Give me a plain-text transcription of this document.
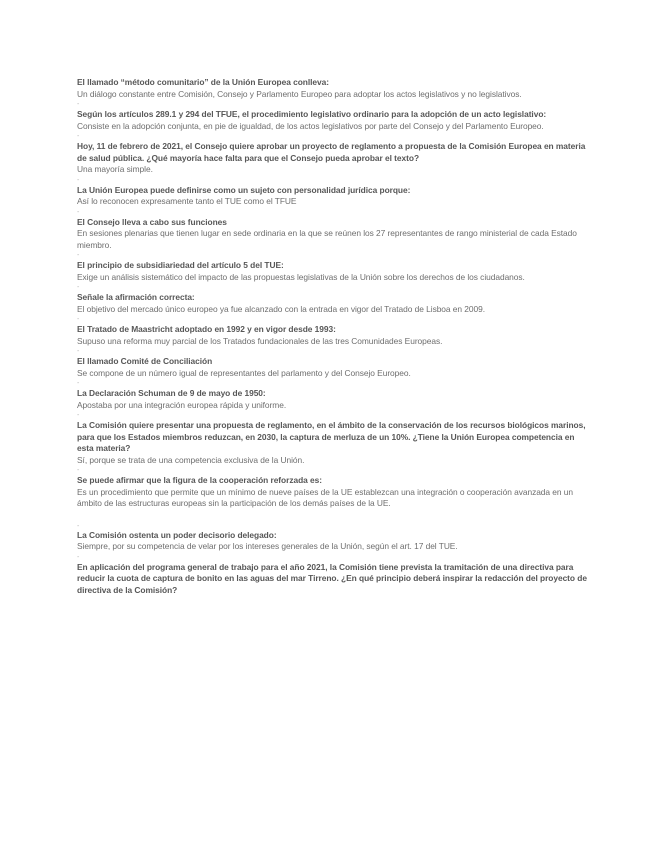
El llamado “método comunitario” de la Unión Europea conlleva:
Un diálogo constante entre Comisión, Consejo y Parlamento Europeo para adoptar los actos legislativos y no legislativos.
-
Según los artículos 289.1 y 294 del TFUE, el procedimiento legislativo ordinario para la adopción de un acto legislativo:
Consiste en la adopción conjunta, en pie de igualdad, de los actos legislativos por parte del Consejo y del Parlamento Europeo.
-
Hoy, 11 de febrero de 2021, el Consejo quiere aprobar un proyecto de reglamento a propuesta de la Comisión Europea en materia de salud pública. ¿Qué mayoría hace falta para que el Consejo pueda aprobar el texto?
Una mayoría simple.
-
La Unión Europea puede definirse como un sujeto con personalidad jurídica porque:
Así lo reconocen expresamente tanto el TUE como el TFUE
-
El Consejo lleva a cabo sus funciones
En sesiones plenarias que tienen lugar en sede ordinaria en la que se reúnen los 27 representantes de rango ministerial de cada Estado miembro.
-
El principio de subsidiariedad del artículo 5 del TUE:
Exige un análisis sistemático del impacto de las propuestas legislativas de la Unión sobre los derechos de los ciudadanos.
-
Señale la afirmación correcta:
El objetivo del mercado único europeo ya fue alcanzado con la entrada en vigor del Tratado de Lisboa en 2009.
-
El Tratado de Maastricht adoptado en 1992 y en vigor desde 1993:
Supuso una reforma muy parcial de los Tratados fundacionales de las tres Comunidades Europeas.
-
El llamado Comité de Conciliación
Se compone de un número igual de representantes del parlamento y del Consejo Europeo.
-
La Declaración Schuman de 9 de mayo de 1950:
Apostaba por una integración europea rápida y uniforme.
-
La Comisión quiere presentar una propuesta de reglamento, en el ámbito de la conservación de los recursos biológicos marinos, para que los Estados miembros reduzcan, en 2030, la captura de merluza de un 10%. ¿Tiene la Unión Europea competencia en esta materia?
Sí, porque se trata de una competencia exclusiva de la Unión.
-
Se puede afirmar que la figura de la cooperación reforzada es:
Es un procedimiento que permite que un mínimo de nueve países de la UE establezcan una integración o cooperación avanzada en un ámbito de las estructuras europeas sin la participación de los demás países de la UE.
-
La Comisión ostenta un poder decisorio delegado:
Siempre, por su competencia de velar por los intereses generales de la Unión, según el art. 17 del TUE.
-
En aplicación del programa general de trabajo para el año 2021, la Comisión tiene prevista la tramitación de una directiva para reducir la cuota de captura de bonito en las aguas del mar Tirreno. ¿En qué principio deberá inspirar la redacción del proyecto de directiva de la Comisión?
